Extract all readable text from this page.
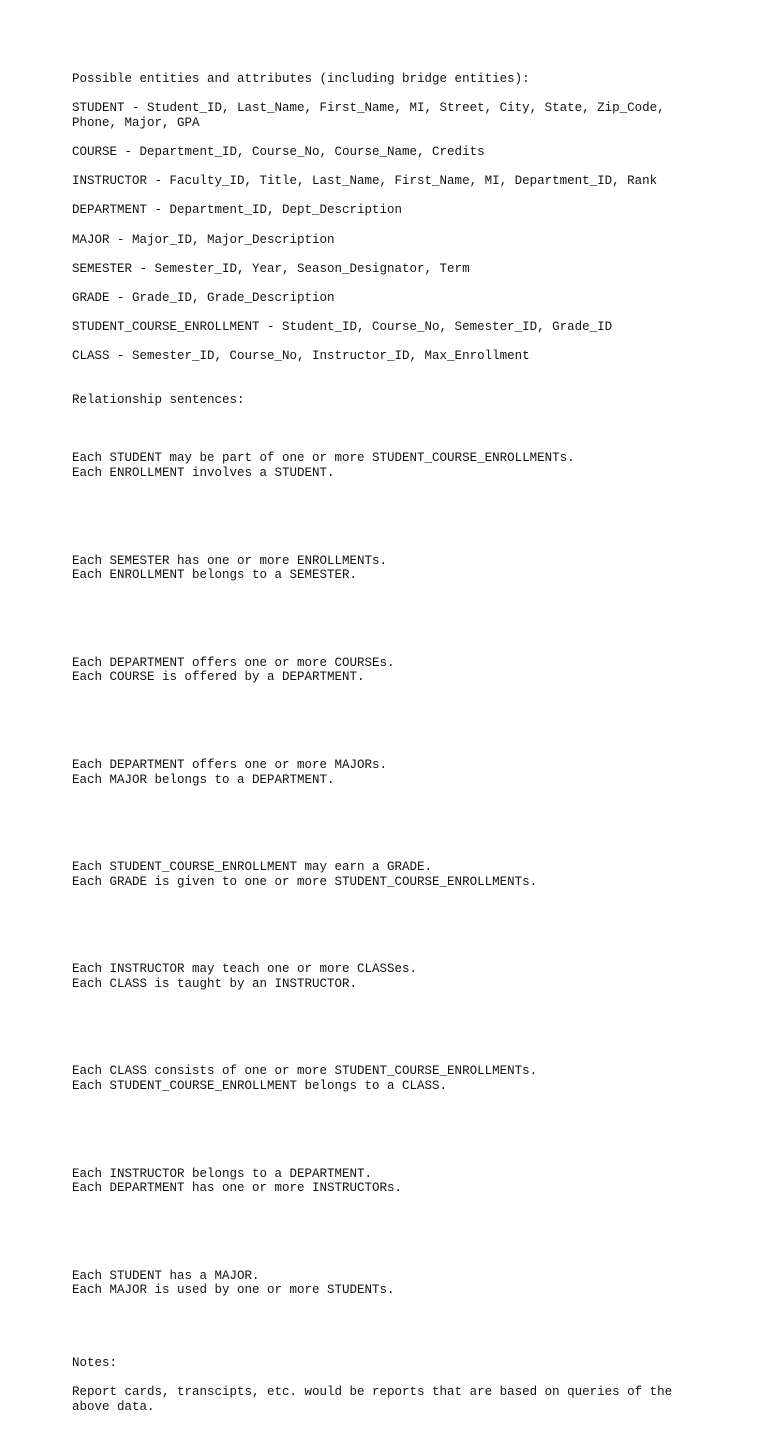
Possible entities and attributes (including bridge entities):

STUDENT - Student_ID, Last_Name, First_Name, MI, Street, City, State, Zip_Code, Phone, Major, GPA

COURSE - Department_ID, Course_No, Course_Name, Credits

INSTRUCTOR - Faculty_ID, Title, Last_Name, First_Name, MI, Department_ID, Rank

DEPARTMENT - Department_ID, Dept_Description

MAJOR - Major_ID, Major_Description

SEMESTER - Semester_ID, Year, Season_Designator, Term

GRADE - Grade_ID, Grade_Description

STUDENT_COURSE_ENROLLMENT - Student_ID, Course_No, Semester_ID, Grade_ID

CLASS - Semester_ID, Course_No, Instructor_ID, Max_Enrollment

Relationship sentences:

Each STUDENT may be part of one or more STUDENT_COURSE_ENROLLMENTs.
Each ENROLLMENT involves a STUDENT.

Each SEMESTER has one or more ENROLLMENTs.
Each ENROLLMENT belongs to a SEMESTER.

Each DEPARTMENT offers one or more COURSEs.
Each COURSE is offered by a DEPARTMENT.

Each DEPARTMENT offers one or more MAJORs.
Each MAJOR belongs to a DEPARTMENT.

Each STUDENT_COURSE_ENROLLMENT may earn a GRADE.
Each GRADE is given to one or more STUDENT_COURSE_ENROLLMENTs.

Each INSTRUCTOR may teach one or more CLASSes.
Each CLASS is taught by an INSTRUCTOR.

Each CLASS consists of one or more STUDENT_COURSE_ENROLLMENTs.
Each STUDENT_COURSE_ENROLLMENT belongs to a CLASS.

Each INSTRUCTOR belongs to a DEPARTMENT.
Each DEPARTMENT has one or more INSTRUCTORs.

Each STUDENT has a MAJOR.
Each MAJOR is used by one or more STUDENTs.

Notes:

Report cards, transcipts, etc. would be reports that are based on queries of the above data.
